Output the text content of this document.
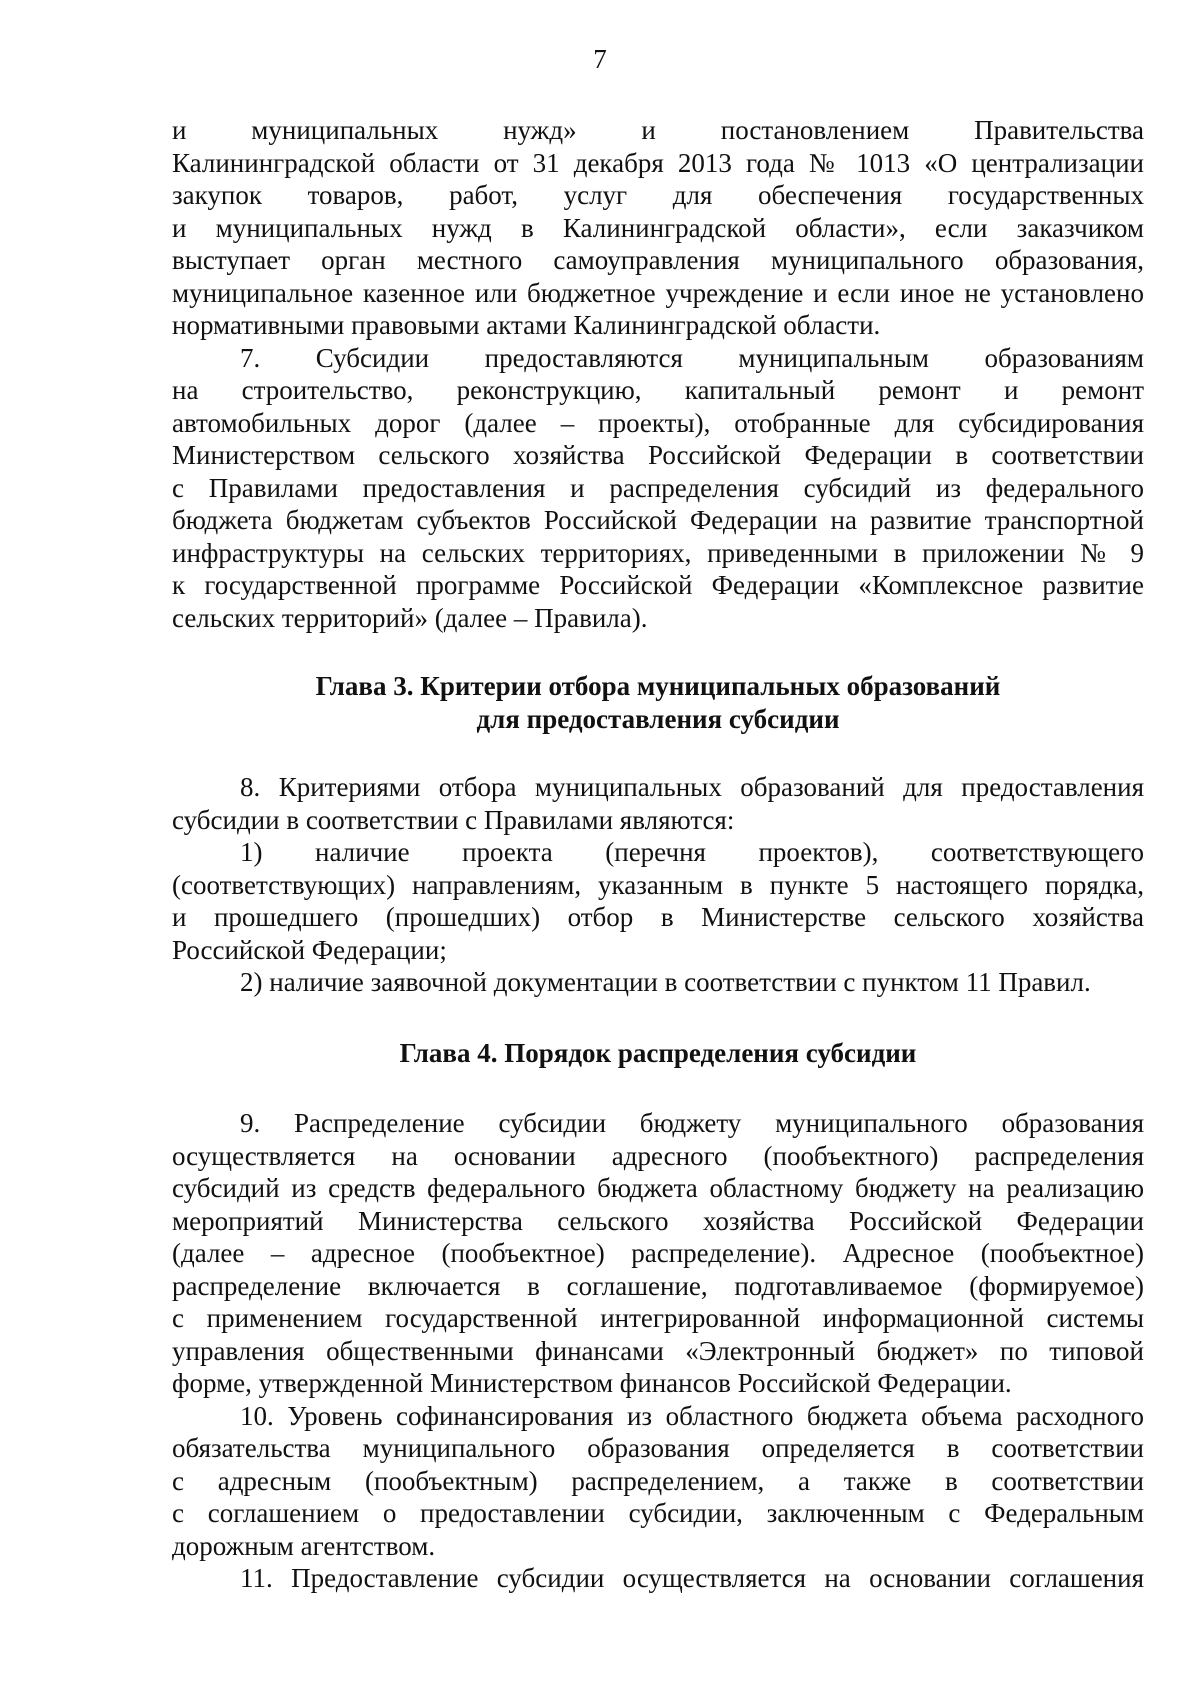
7
и муниципальных нужд» и постановлением Правительства
Калининградской области от 31 декабря 2013 года № 1013 «О централизации
закупок товаров, работ, услуг для обеспечения государственных
и муниципальных нужд в Калининградской области», если заказчиком
выступает орган местного самоуправления муниципального образования,
муниципальное казенное или бюджетное учреждение и если иное не установлено
нормативными правовыми актами Калининградской области.
7. Субсидии предоставляются муниципальным образованиям
на строительство, реконструкцию, капитальный ремонт и ремонт
автомобильных дорог (далее – проекты), отобранные для субсидирования
Министерством сельского хозяйства Российской Федерации в соответствии
с Правилами предоставления и распределения субсидий из федерального
бюджета бюджетам субъектов Российской Федерации на развитие транспортной
инфраструктуры на сельских территориях, приведенными в приложении № 9
к государственной программе Российской Федерации «Комплексное развитие
сельских территорий» (далее – Правила).
Глава 3. Критерии отбора муниципальных образований
для предоставления субсидии
8. Критериями отбора муниципальных образований для предоставления
субсидии в соответствии с Правилами являются:
1) наличие проекта (перечня проектов), соответствующего
(соответствующих) направлениям, указанным в пункте 5 настоящего порядка,
и прошедшего (прошедших) отбор в Министерстве сельского хозяйства
Российской Федерации;
2) наличие заявочной документации в соответствии с пунктом 11 Правил.
Глава 4. Порядок распределения субсидии
9. Распределение субсидии бюджету муниципального образования
осуществляется на основании адресного (пообъектного) распределения
субсидий из средств федерального бюджета областному бюджету на реализацию
мероприятий Министерства сельского хозяйства Российской Федерации
(далее – адресное (пообъектное) распределение). Адресное (пообъектное)
распределение включается в соглашение, подготавливаемое (формируемое)
с применением государственной интегрированной информационной системы
управления общественными финансами «Электронный бюджет» по типовой
форме, утвержденной Министерством финансов Российской Федерации.
10. Уровень софинансирования из областного бюджета объема расходного
обязательства муниципального образования определяется в соответствии
с адресным (пообъектным) распределением, а также в соответствии
с соглашением о предоставлении субсидии, заключенным с Федеральным
дорожным агентством.
11. Предоставление субсидии осуществляется на основании соглашения
